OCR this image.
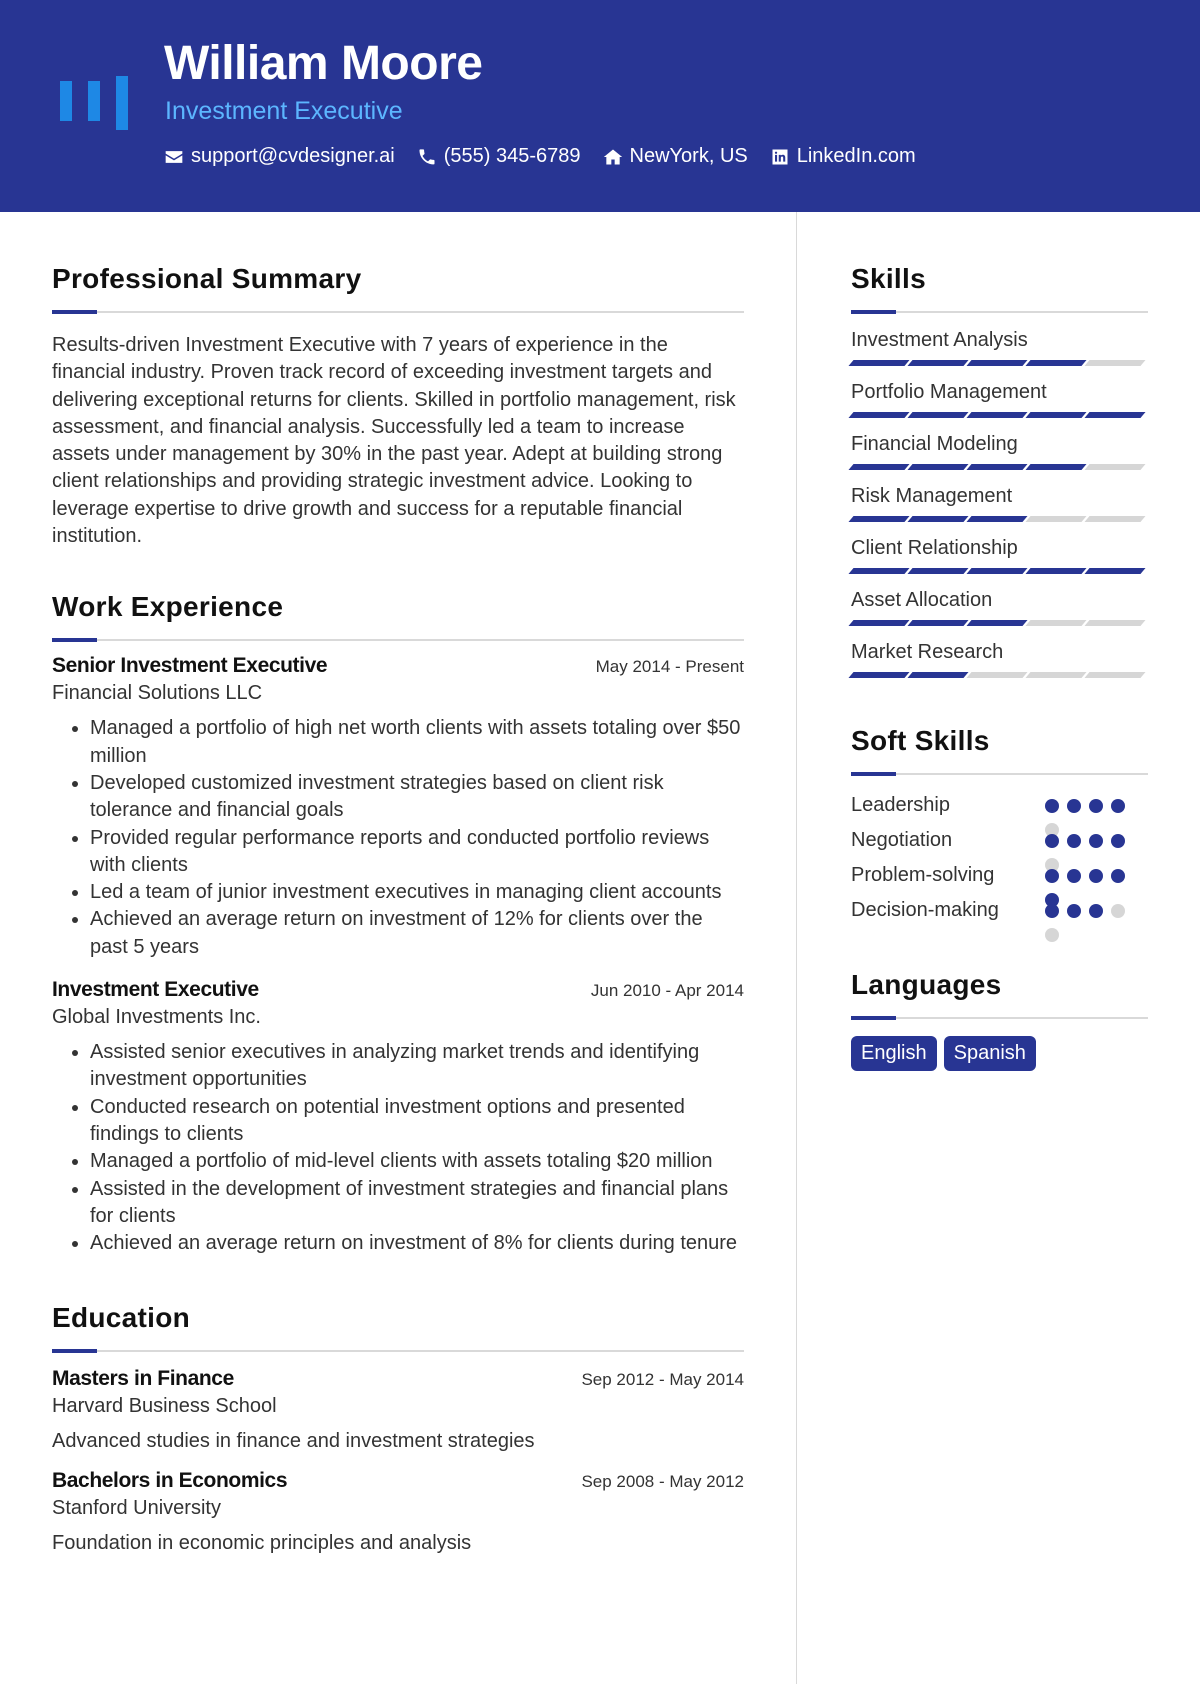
William Moore
Investment Executive
support@cvdesigner.ai (555) 345-6789 NewYork, US LinkedIn.com
Professional Summary

Results-driven Investment Executive with 7 years of experience in the financial industry. Proven track record of exceeding investment targets and delivering exceptional returns for clients. Skilled in portfolio management, risk assessment, and financial analysis. Successfully led a team to increase assets under management by 30% in the past year. Adept at building strong client relationships and providing strategic investment advice. Looking to leverage expertise to drive growth and success for a reputable financial institution.

Work Experience
Senior Investment Executive	May 2014 - Present
Financial Solutions LLC
• Managed a portfolio of high net worth clients with assets totaling over $50 million
• Developed customized investment strategies based on client risk tolerance and financial goals
• Provided regular performance reports and conducted portfolio reviews with clients
• Led a team of junior investment executives in managing client accounts
• Achieved an average return on investment of 12% for clients over the past 5 years
Investment Executive	Jun 2010 - Apr 2014
Global Investments Inc.
• Assisted senior executives in analyzing market trends and identifying investment opportunities
• Conducted research on potential investment options and presented findings to clients
• Managed a portfolio of mid-level clients with assets totaling $20 million
• Assisted in the development of investment strategies and financial plans for clients
• Achieved an average return on investment of 8% for clients during tenure
Education
Masters in Finance	Sep 2012 - May 2014
Harvard Business School
Advanced studies in finance and investment strategies
Bachelors in Economics	Sep 2008 - May 2012
Stanford University
Foundation in economic principles and analysis
Skills
Investment Analysis
Portfolio Management
Financial Modeling
Risk Management
Client Relationship
Asset Allocation
Market Research
Soft Skills
Leadership
Negotiation
Problem-solving
Decision-making
Languages
English	Spanish
